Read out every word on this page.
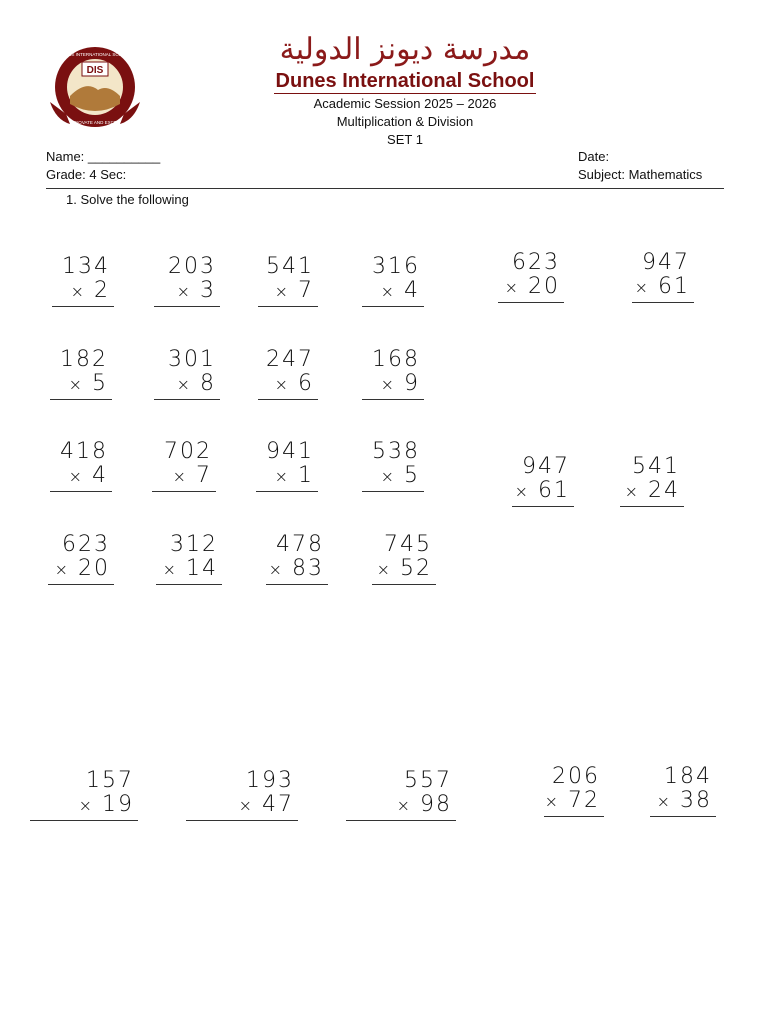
DIS
DUNES INTERNATIONAL SCHOOL
INNOVATE AND EXCEL
مدرسة ديونز الدولية
Dunes International School
Academic Session 2025 – 2026
Multiplication & Division
SET 1
Name: __________
Grade: 4 Sec:
Date:
Subject: Mathematics
1. Solve the following
134
× 2
203
× 3
541
× 7
316
× 4
623
× 20
947
× 61
182
× 5
301
× 8
247
× 6
168
× 9
418
× 4
702
× 7
941
× 1
538
× 5	947
× 61
541
× 24
623
× 20
312
× 14
478
× 83
745
× 52
157
× 19
193
× 47
557
× 98
206
× 72
184
× 38
